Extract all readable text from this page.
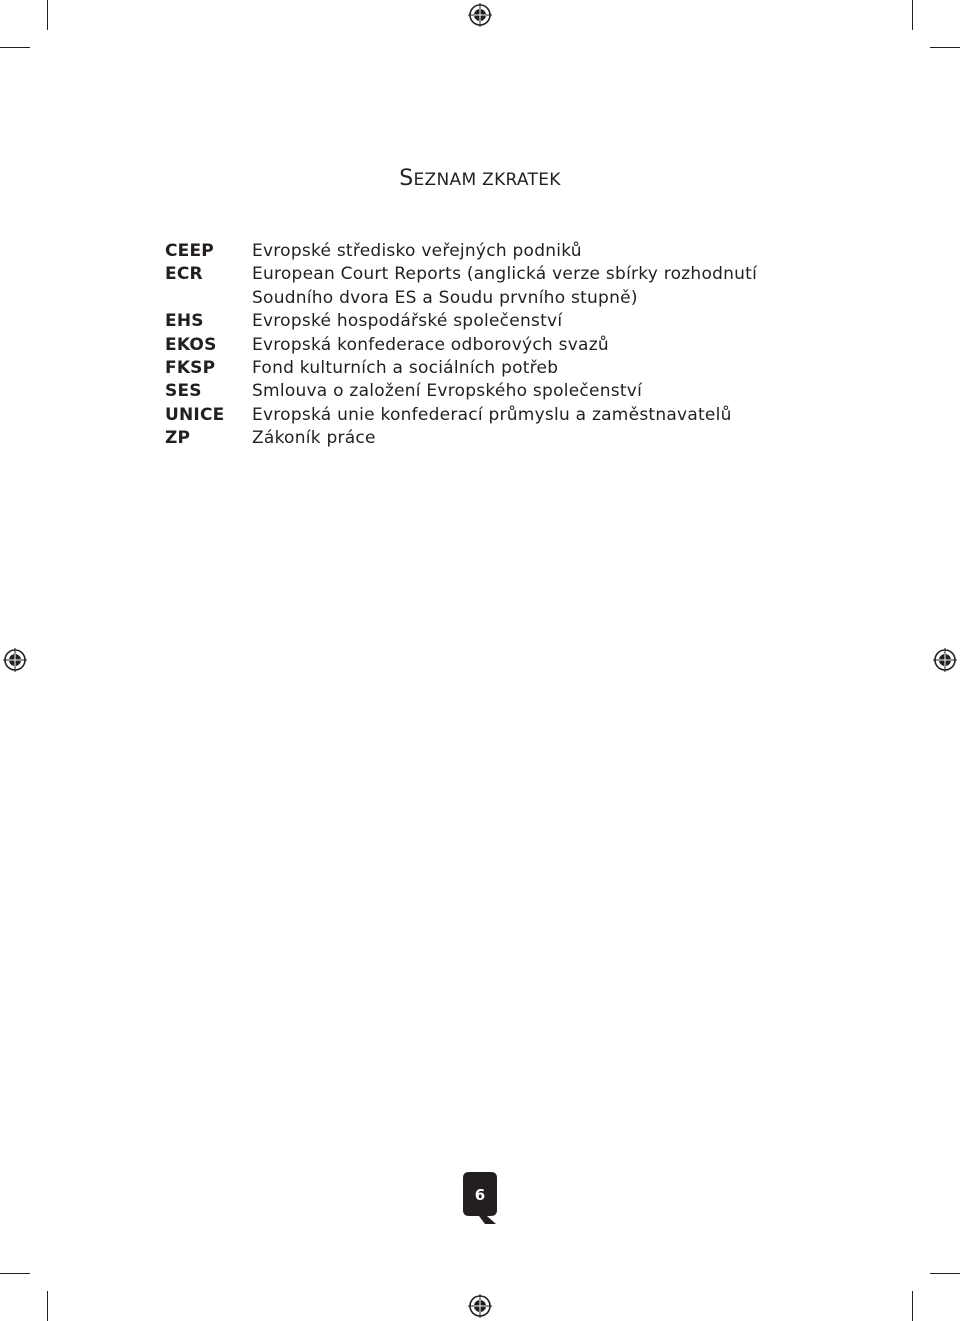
SEZNAM ZKRATEK
CEEP	Evropské středisko veřejných podniků
ECR	European Court Reports (anglická verze sbírky rozhodnutí
Soudního dvora ES a Soudu prvního stupně)
EHS	Evropské hospodářské společenství
EKOS	Evropská konfederace odborových svazů
FKSP	Fond kulturních a sociálních potřeb
SES	Smlouva o založení Evropského společenství
UNICE	Evropská unie konfederací průmyslu a zaměstnavatelů
ZP	Zákoník práce
6
